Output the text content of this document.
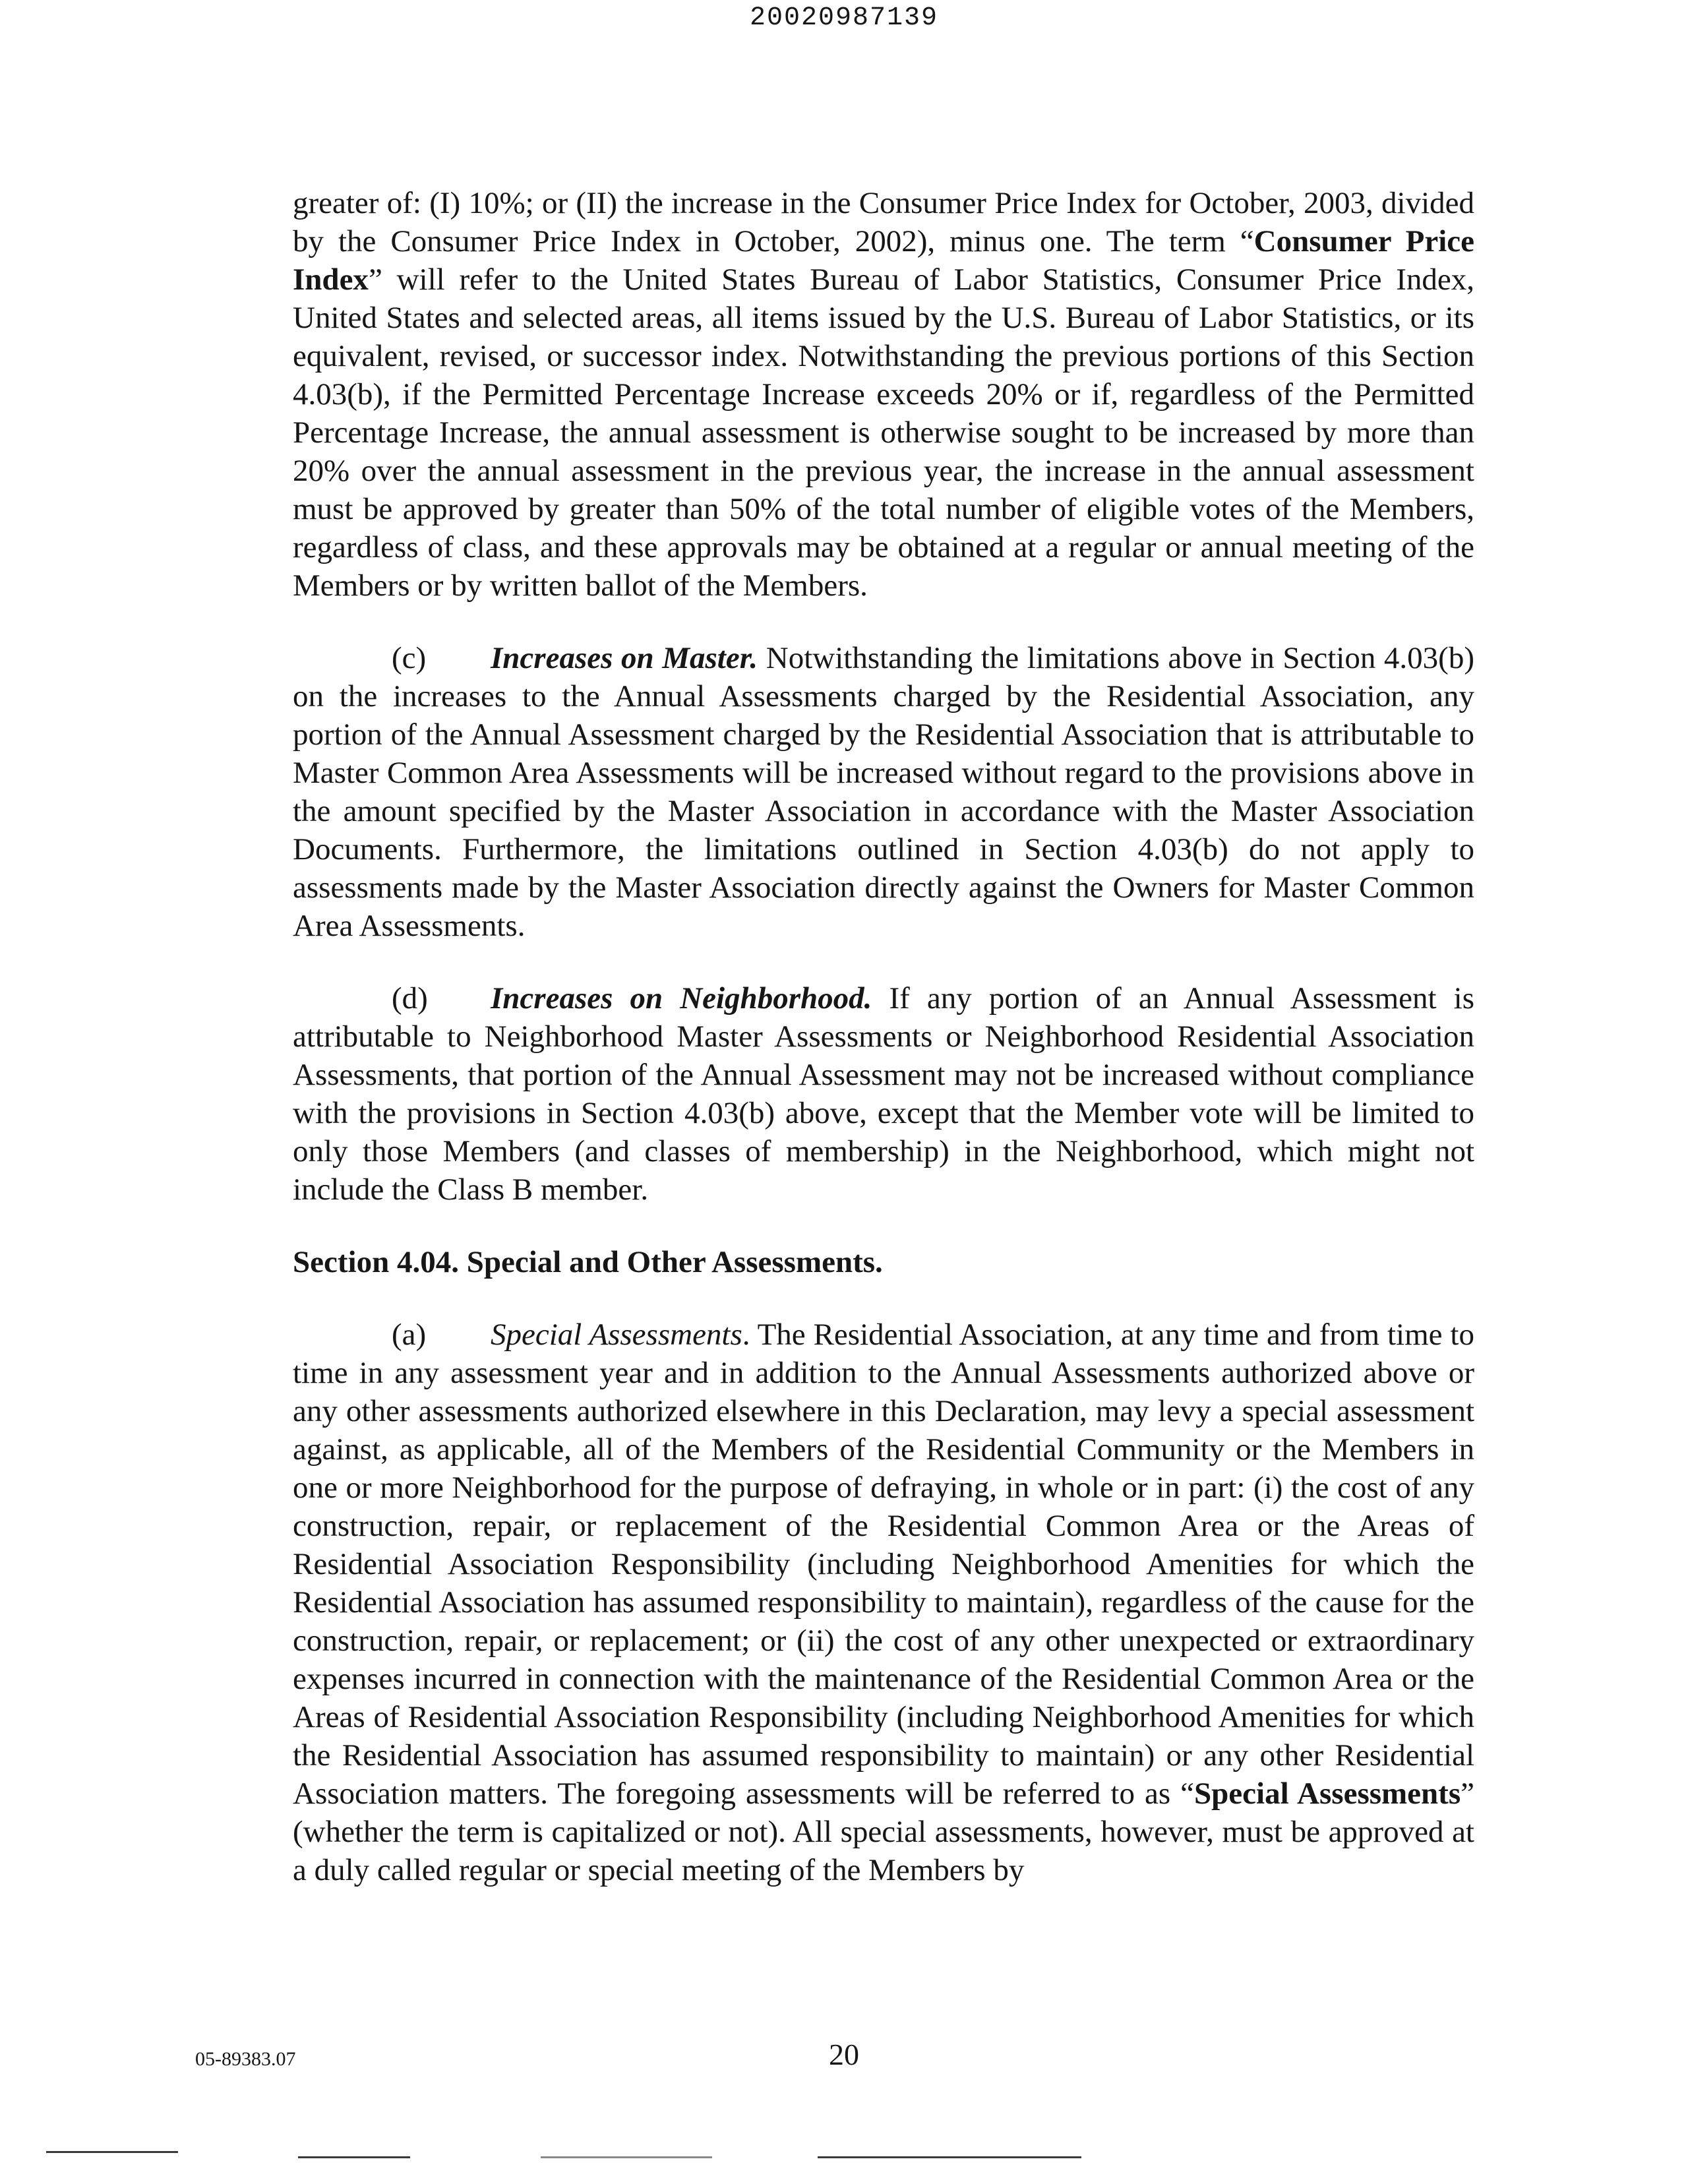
20020987139

greater of: (I) 10%; or (II) the increase in the Consumer Price Index for October, 2003, divided by the Consumer Price Index in October, 2002), minus one. The term “Consumer Price Index” will refer to the United States Bureau of Labor Statistics, Consumer Price Index, United States and selected areas, all items issued by the U.S. Bureau of Labor Statistics, or its equivalent, revised, or successor index. Notwithstanding the previous portions of this Section 4.03(b), if the Permitted Percentage Increase exceeds 20% or if, regardless of the Permitted Percentage Increase, the annual assessment is otherwise sought to be increased by more than 20% over the annual assessment in the previous year, the increase in the annual assessment must be approved by greater than 50% of the total number of eligible votes of the Members, regardless of class, and these approvals may be obtained at a regular or annual meeting of the Members or by written ballot of the Members.

(c) Increases on Master. Notwithstanding the limitations above in Section 4.03(b) on the increases to the Annual Assessments charged by the Residential Association, any portion of the Annual Assessment charged by the Residential Association that is attributable to Master Common Area Assessments will be increased without regard to the provisions above in the amount specified by the Master Association in accordance with the Master Association Documents. Furthermore, the limitations outlined in Section 4.03(b) do not apply to assessments made by the Master Association directly against the Owners for Master Common Area Assessments.

(d) Increases on Neighborhood. If any portion of an Annual Assessment is attributable to Neighborhood Master Assessments or Neighborhood Residential Association Assessments, that portion of the Annual Assessment may not be increased without compliance with the provisions in Section 4.03(b) above, except that the Member vote will be limited to only those Members (and classes of membership) in the Neighborhood, which might not include the Class B member.

Section 4.04. Special and Other Assessments.

(a) Special Assessments. The Residential Association, at any time and from time to time in any assessment year and in addition to the Annual Assessments authorized above or any other assessments authorized elsewhere in this Declaration, may levy a special assessment against, as applicable, all of the Members of the Residential Community or the Members in one or more Neighborhood for the purpose of defraying, in whole or in part: (i) the cost of any construction, repair, or replacement of the Residential Common Area or the Areas of Residential Association Responsibility (including Neighborhood Amenities for which the Residential Association has assumed responsibility to maintain), regardless of the cause for the construction, repair, or replacement; or (ii) the cost of any other unexpected or extraordinary expenses incurred in connection with the maintenance of the Residential Common Area or the Areas of Residential Association Responsibility (including Neighborhood Amenities for which the Residential Association has assumed responsibility to maintain) or any other Residential Association matters. The foregoing assessments will be referred to as “Special Assessments” (whether the term is capitalized or not). All special assessments, however, must be approved at a duly called regular or special meeting of the Members by

05-89383.07	20
